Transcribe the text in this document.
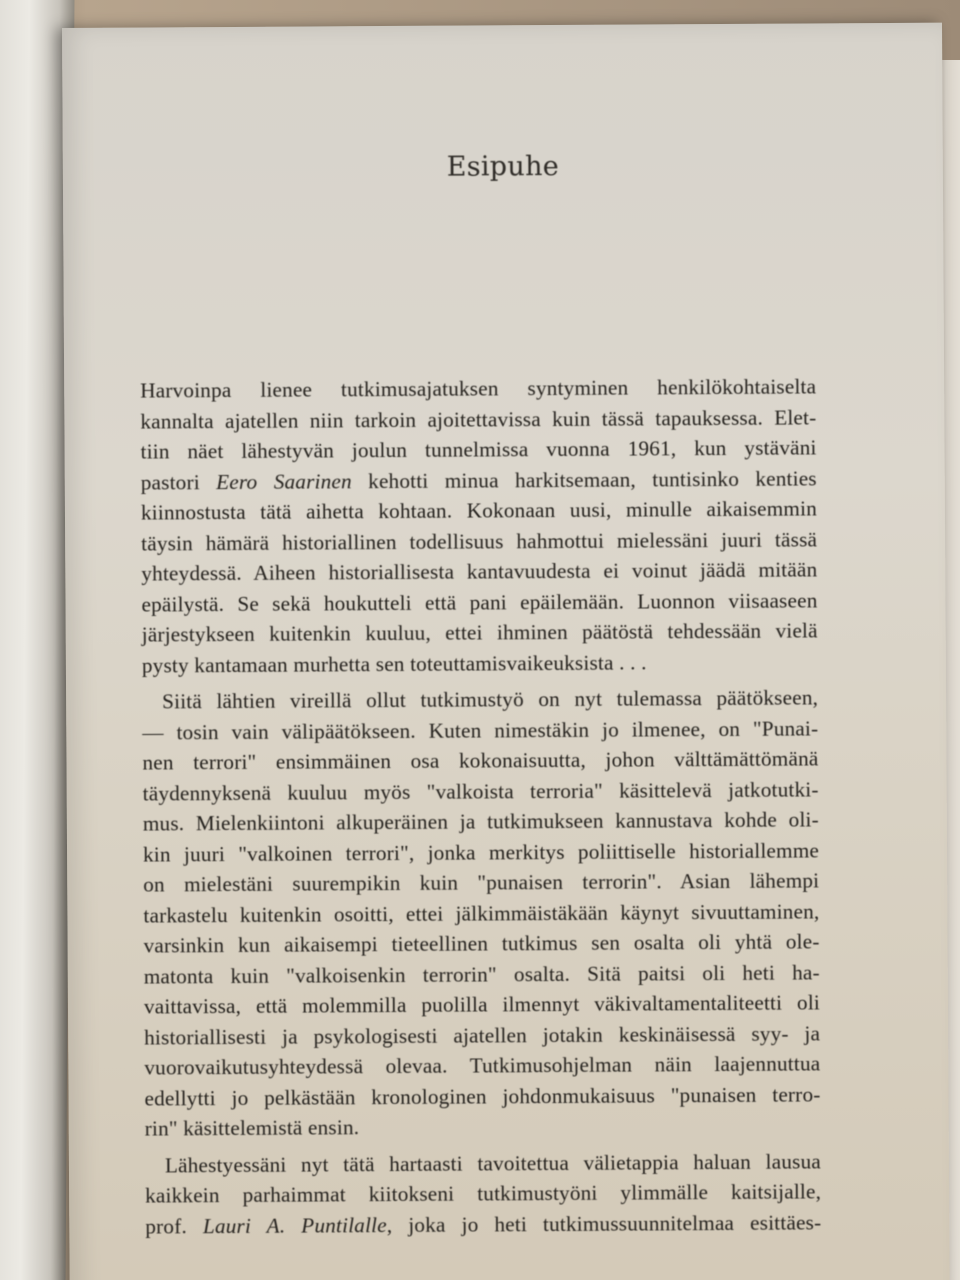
Esipuhe
Harvoinpa lienee tutkimusajatuksen syntyminen henkilökohtaiselta
kannalta ajatellen niin tarkoin ajoitettavissa kuin tässä tapauksessa. Elet-
tiin näet lähestyvän joulun tunnelmissa vuonna 1961, kun ystäväni
pastori Eero Saarinen kehotti minua harkitsemaan, tuntisinko kenties
kiinnostusta tätä aihetta kohtaan. Kokonaan uusi, minulle aikaisemmin
täysin hämärä historiallinen todellisuus hahmottui mielessäni juuri tässä
yhteydessä. Aiheen historiallisesta kantavuudesta ei voinut jäädä mitään
epäilystä. Se sekä houkutteli että pani epäilemään. Luonnon viisaaseen
järjestykseen kuitenkin kuuluu, ettei ihminen päätöstä tehdessään vielä
pysty kantamaan murhetta sen toteuttamisvaikeuksista . . .
Siitä lähtien vireillä ollut tutkimustyö on nyt tulemassa päätökseen,
— tosin vain välipäätökseen. Kuten nimestäkin jo ilmenee, on "Punai-
nen terrori" ensimmäinen osa kokonaisuutta, johon välttämättömänä
täydennyksenä kuuluu myös "valkoista terroria" käsittelevä jatkotutki-
mus. Mielenkiintoni alkuperäinen ja tutkimukseen kannustava kohde oli-
kin juuri "valkoinen terrori", jonka merkitys poliittiselle historiallemme
on mielestäni suurempikin kuin "punaisen terrorin". Asian lähempi
tarkastelu kuitenkin osoitti, ettei jälkimmäistäkään käynyt sivuuttaminen,
varsinkin kun aikaisempi tieteellinen tutkimus sen osalta oli yhtä ole-
matonta kuin "valkoisenkin terrorin" osalta. Sitä paitsi oli heti ha-
vaittavissa, että molemmilla puolilla ilmennyt väkivaltamentaliteetti oli
historiallisesti ja psykologisesti ajatellen jotakin keskinäisessä syy- ja
vuorovaikutusyhteydessä olevaa. Tutkimusohjelman näin laajennuttua
edellytti jo pelkästään kronologinen johdonmukaisuus "punaisen terro-
rin" käsittelemistä ensin.
Lähestyessäni nyt tätä hartaasti tavoitettua välietappia haluan lausua
kaikkein parhaimmat kiitokseni tutkimustyöni ylimmälle kaitsijalle,
prof. Lauri A. Puntilalle, joka jo heti tutkimussuunnitelmaa esittäes-
